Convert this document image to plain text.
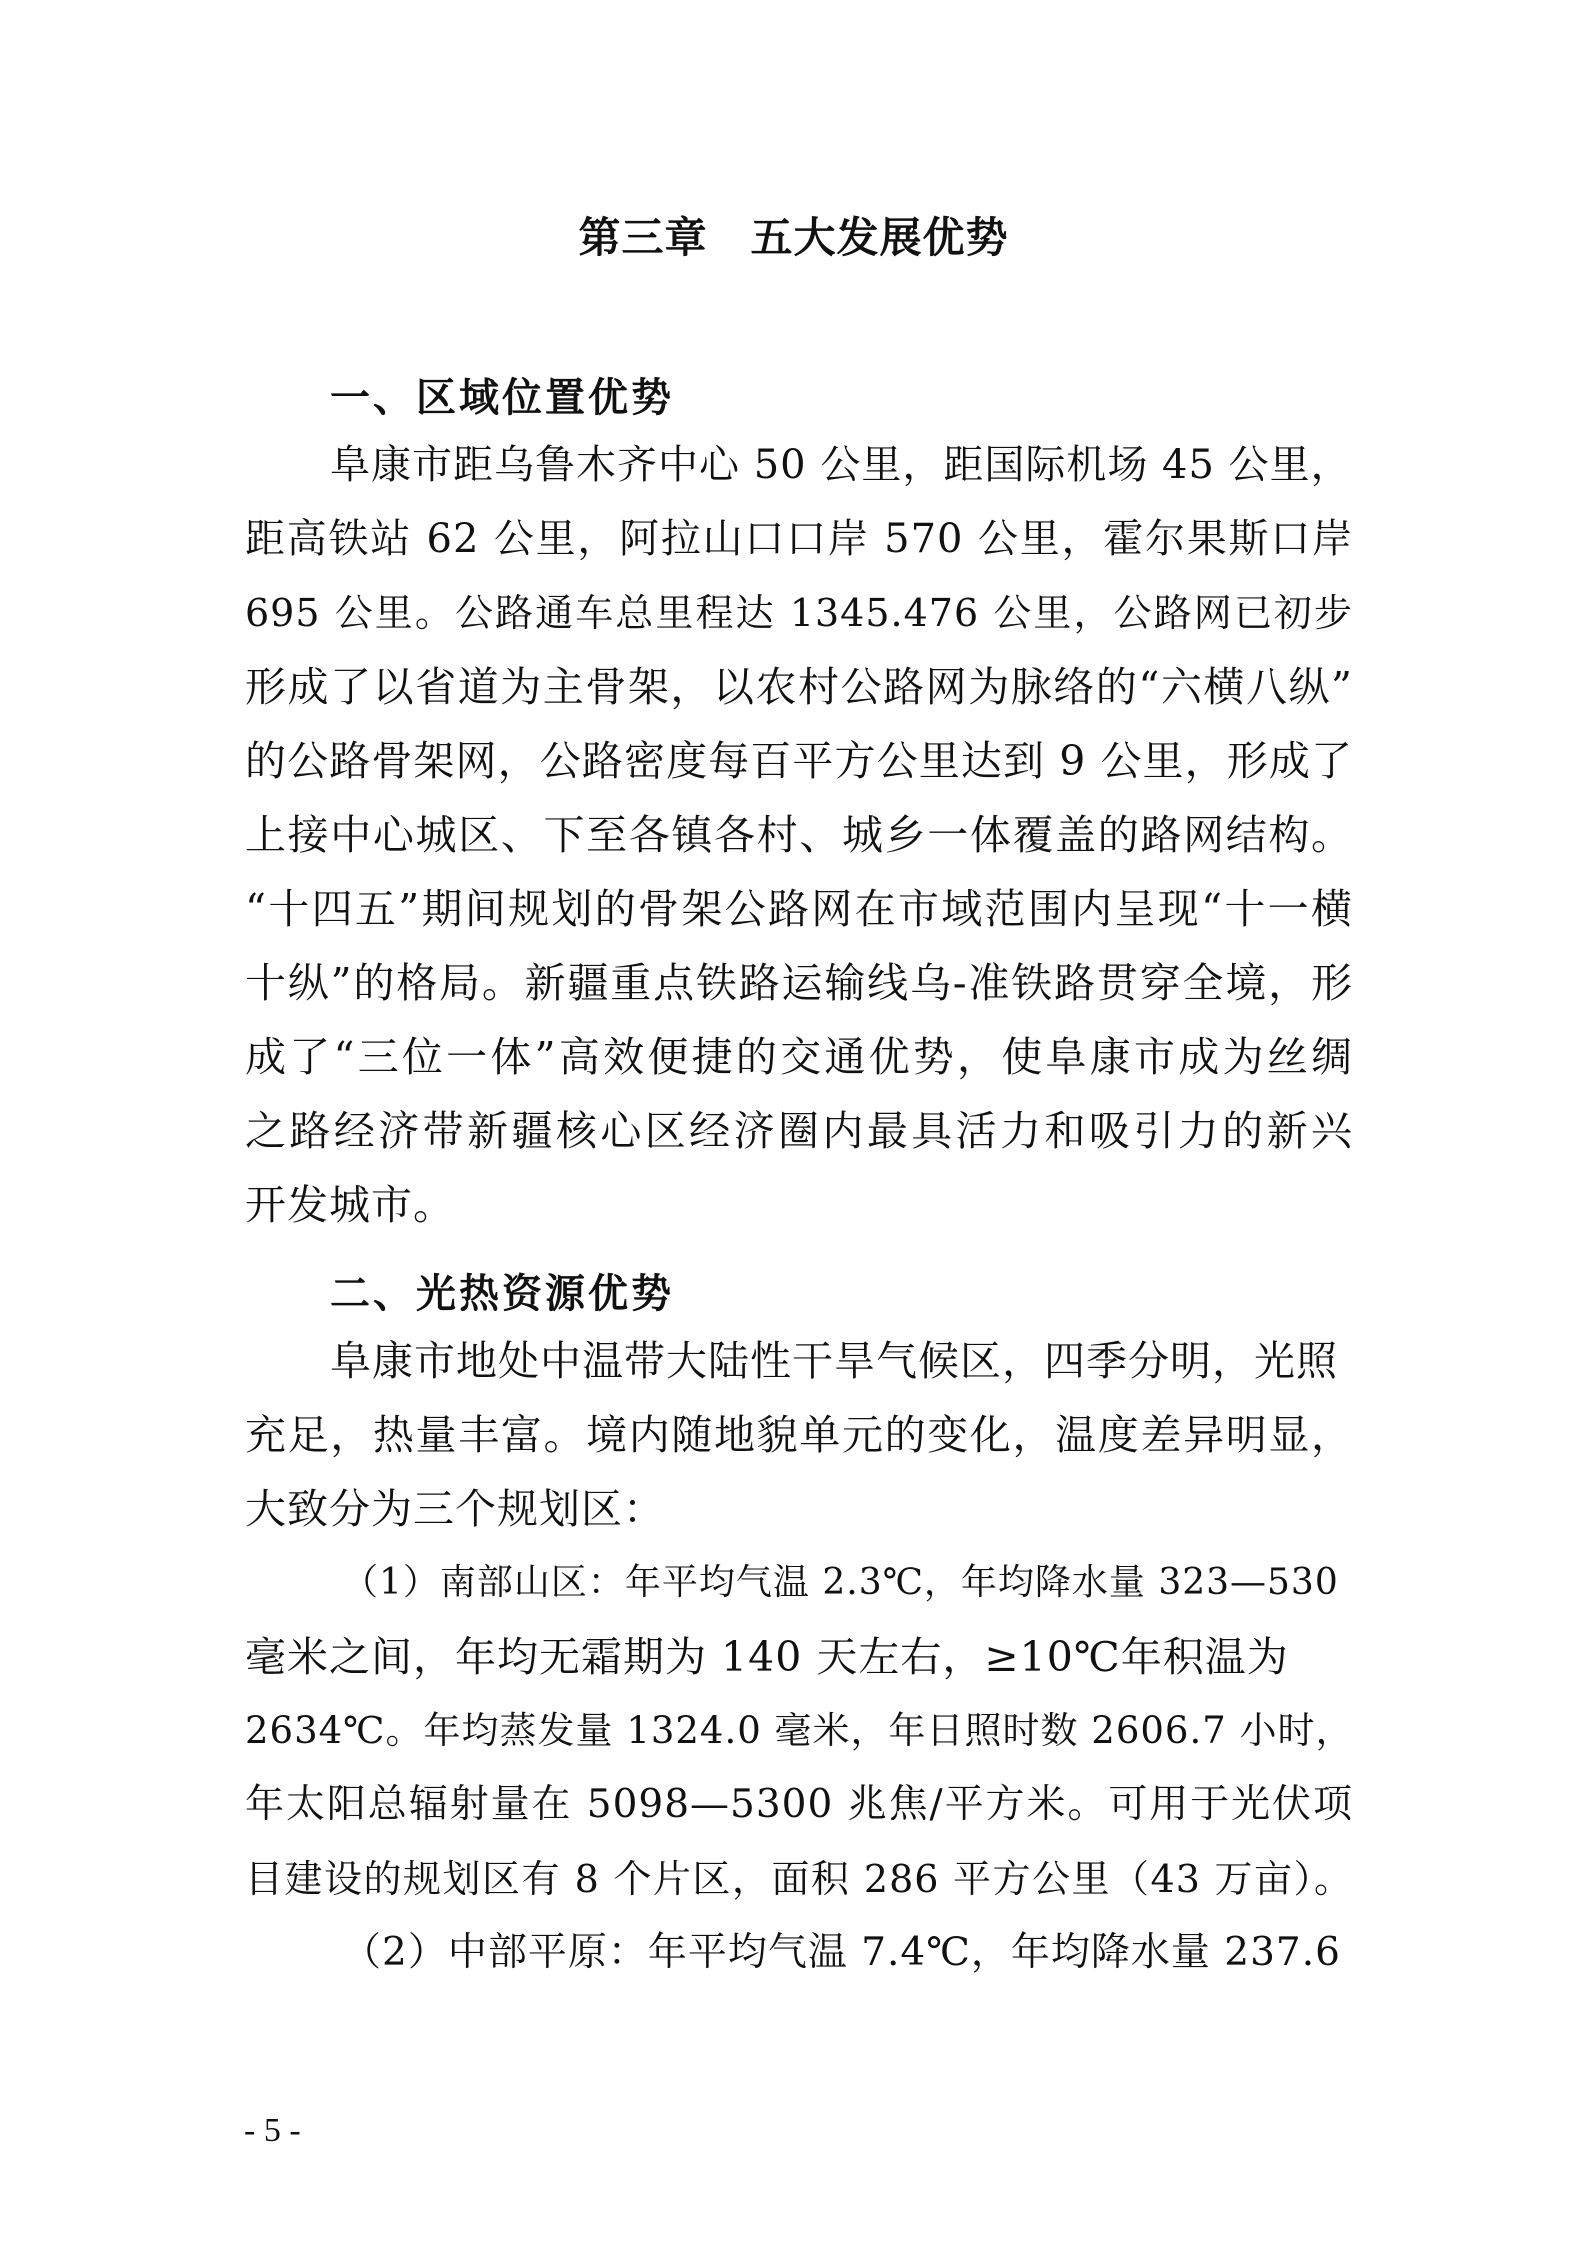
第三章　五大发展优势
一、区域位置优势
阜康市距乌鲁木齐中心 50 公里，距国际机场 45 公里，
距高铁站 62 公里，阿拉山口口岸 570 公里，霍尔果斯口岸
695 公里。公路通车总里程达 1345.476 公里，公路网已初步
形成了以省道为主骨架，以农村公路网为脉络的“六横八纵”
的公路骨架网，公路密度每百平方公里达到 9 公里，形成了
上接中心城区、下至各镇各村、城乡一体覆盖的路网结构。
“十四五”期间规划的骨架公路网在市域范围内呈现“十一横
十纵”的格局。新疆重点铁路运输线乌-准铁路贯穿全境，形
成了“三位一体”高效便捷的交通优势，使阜康市成为丝绸
之路经济带新疆核心区经济圈内最具活力和吸引力的新兴
开发城市。
二、光热资源优势
阜康市地处中温带大陆性干旱气候区，四季分明，光照
充足，热量丰富。境内随地貌单元的变化，温度差异明显，
大致分为三个规划区：
（1）南部山区：年平均气温 2.3℃，年均降水量 323—530
毫米之间，年均无霜期为 140 天左右，≥10℃年积温为
2634℃。年均蒸发量 1324.0 毫米，年日照时数 2606.7 小时，
年太阳总辐射量在 5098—5300 兆焦/平方米。可用于光伏项
目建设的规划区有 8 个片区，面积 286 平方公里（43 万亩）。
（2）中部平原：年平均气温 7.4℃，年均降水量 237.6
- 5 -
